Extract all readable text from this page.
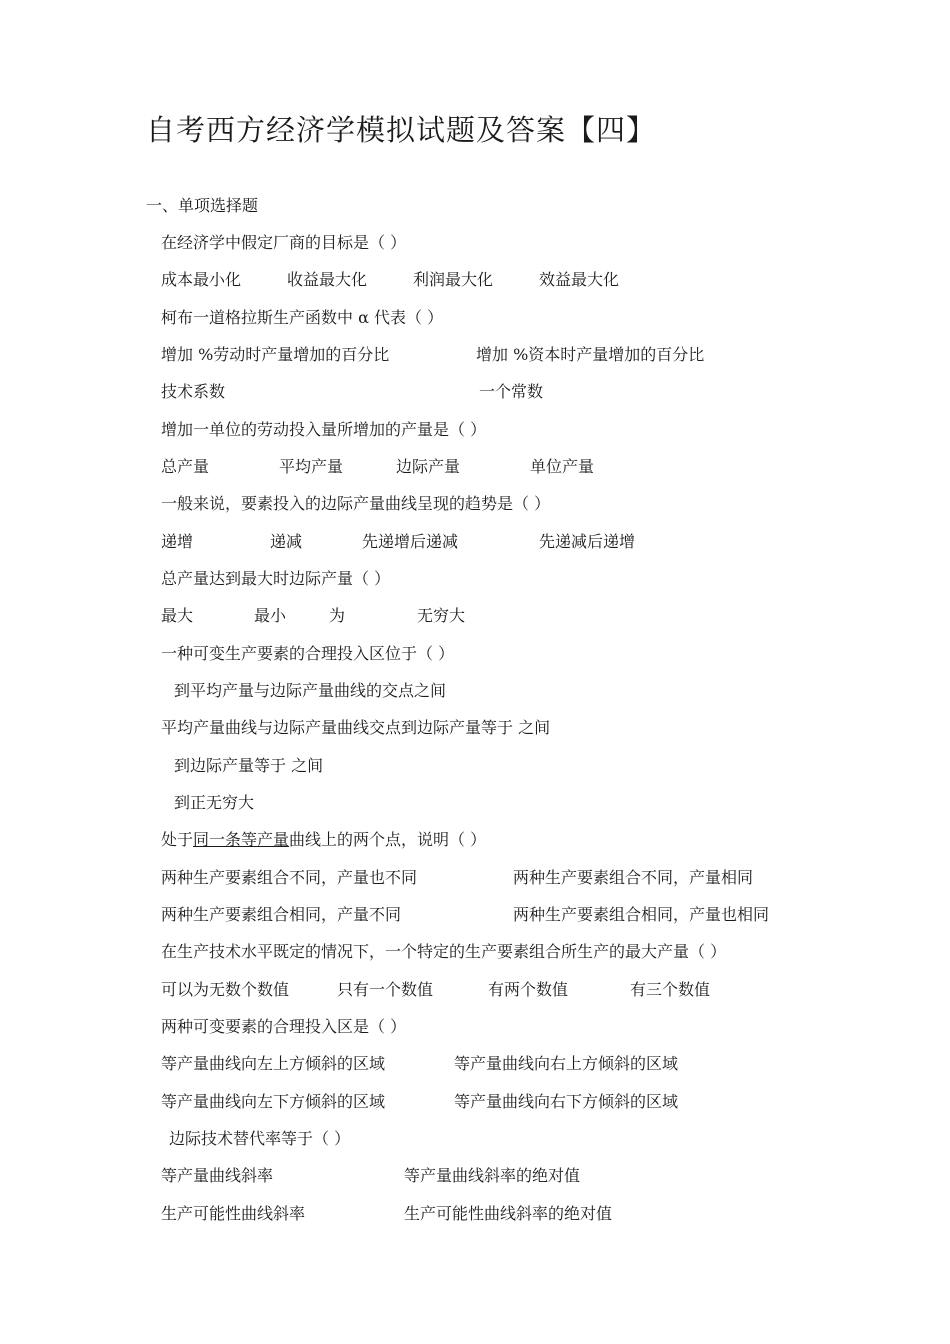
自考西方经济学模拟试题及答案【四】
一、单项选择题
在经济学中假定厂商的目标是（ ）
成本最小化	收益最大化	利润最大化	效益最大化
柯布一道格拉斯生产函数中 α 代表（ ）
增加 %劳动时产量增加的百分比	增加 %资本时产量增加的百分比
技术系数	一个常数
增加一单位的劳动投入量所增加的产量是（ ）
总产量	平均产量	边际产量	单位产量
一般来说，要素投入的边际产量曲线呈现的趋势是（ ）
递增	递减	先递增后递减	先递减后递增
总产量达到最大时边际产量（ ）
最大	最小	为	无穷大
一种可变生产要素的合理投入区位于（ ）
到平均产量与边际产量曲线的交点之间
平均产量曲线与边际产量曲线交点到边际产量等于 之间
到边际产量等于 之间
到正无穷大
处于同一条等产量曲线上的两个点，说明（ ）
两种生产要素组合不同，产量也不同	两种生产要素组合不同，产量相同
两种生产要素组合相同，产量不同	两种生产要素组合相同，产量也相同
在生产技术水平既定的情况下，一个特定的生产要素组合所生产的最大产量（ ）
可以为无数个数值	只有一个数值	有两个数值	有三个数值
两种可变要素的合理投入区是（ ）
等产量曲线向左上方倾斜的区域	等产量曲线向右上方倾斜的区域
等产量曲线向左下方倾斜的区域	等产量曲线向右下方倾斜的区域
边际技术替代率等于（ ）
等产量曲线斜率	等产量曲线斜率的绝对值
生产可能性曲线斜率	生产可能性曲线斜率的绝对值
